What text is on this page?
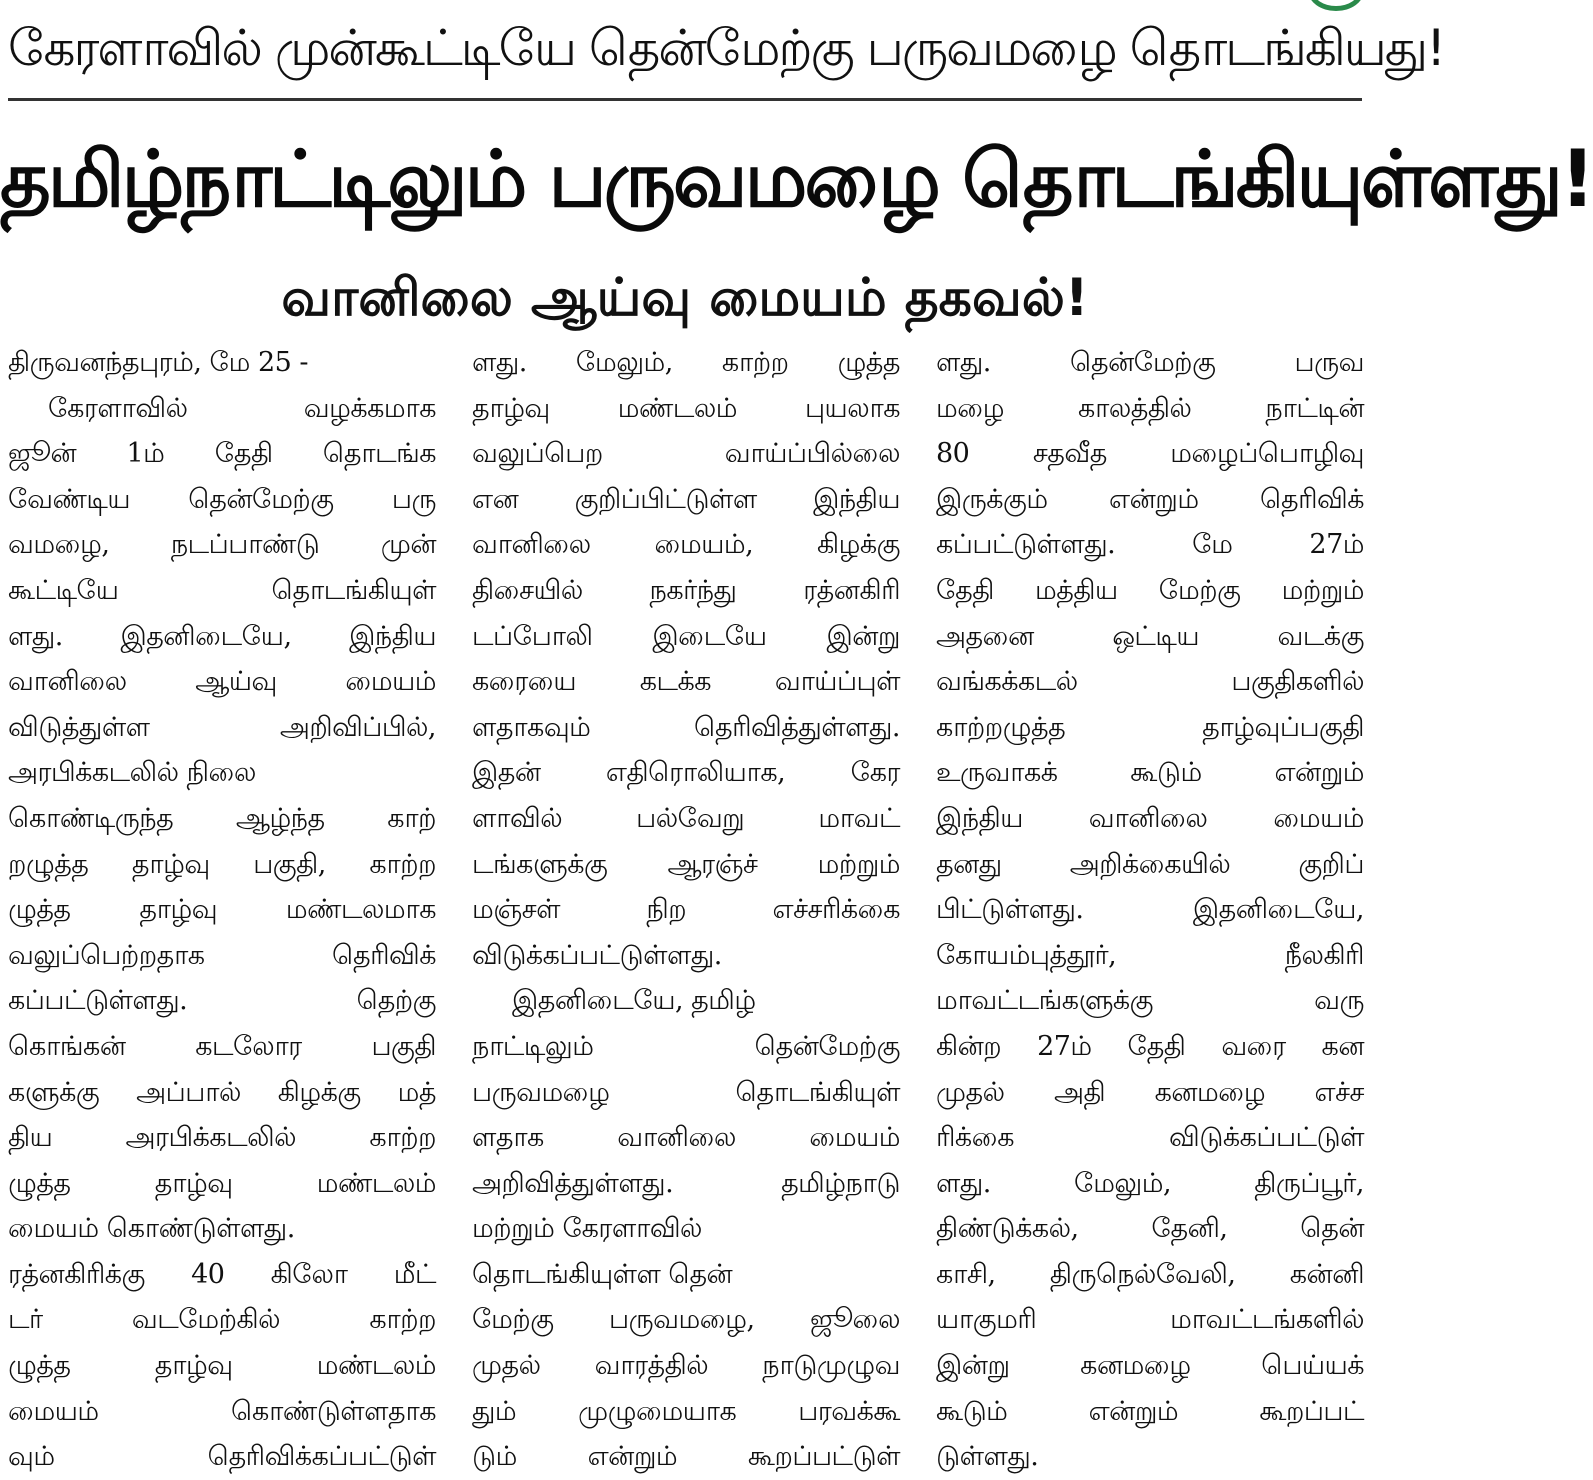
கேரளாவில் முன்கூட்டியே தென்மேற்கு பருவமழை தொடங்கியது!
தமிழ்நாட்டிலும் பருவமழை தொடங்கியுள்ளது!
வானிலை ஆய்வு மையம் தகவல்!
திருவனந்தபுரம், மே 25 -
கேரளாவில் வழக்கமாக
ஜூன் 1ம் தேதி தொடங்க
வேண்டிய தென்மேற்கு பரு
வமழை, நடப்பாண்டு முன்
கூட்டியே தொடங்கியுள்
ளது. இதனிடையே, இந்திய
வானிலை ஆய்வு மையம்
விடுத்துள்ள அறிவிப்பில்,
அரபிக்கடலில் நிலை
கொண்டிருந்த ஆழ்ந்த காற்
றழுத்த தாழ்வு பகுதி, காற்ற
ழுத்த தாழ்வு மண்டலமாக
வலுப்பெற்றதாக தெரிவிக்
கப்பட்டுள்ளது. தெற்கு
கொங்கன் கடலோர பகுதி
களுக்கு அப்பால் கிழக்கு மத்
திய அரபிக்கடலில் காற்ற
ழுத்த தாழ்வு மண்டலம்
மையம் கொண்டுள்ளது.
ரத்னகிரிக்கு 40 கிலோ மீட்
டர் வடமேற்கில் காற்ற
ழுத்த தாழ்வு மண்டலம்
மையம் கொண்டுள்ளதாக
வும் தெரிவிக்கப்பட்டுள்
ளது. மேலும், காற்ற ழுத்த
தாழ்வு மண்டலம் புயலாக
வலுப்பெற வாய்ப்பில்லை
என குறிப்பிட்டுள்ள இந்திய
வானிலை மையம், கிழக்கு
திசையில் நகர்ந்து ரத்னகிரி
டப்போலி இடையே இன்று
கரையை கடக்க வாய்ப்புள்
ளதாகவும் தெரிவித்துள்ளது.
இதன் எதிரொலியாக, கேர
ளாவில் பல்வேறு மாவட்
டங்களுக்கு ஆரஞ்ச் மற்றும்
மஞ்சள் நிற எச்சரிக்கை
விடுக்கப்பட்டுள்ளது.
இதனிடையே, தமிழ்
நாட்டிலும் தென்மேற்கு
பருவமழை தொடங்கியுள்
ளதாக வானிலை மையம்
அறிவித்துள்ளது. தமிழ்நாடு
மற்றும் கேரளாவில்
தொடங்கியுள்ள தென்
மேற்கு பருவமழை, ஜூலை
முதல் வாரத்தில் நாடுமுழுவ
தும் முழுமையாக பரவக்கூ
டும் என்றும் கூறப்பட்டுள்
ளது. தென்மேற்கு பருவ
மழை காலத்தில் நாட்டின்
80 சதவீத மழைப்பொழிவு
இருக்கும் என்றும் தெரிவிக்
கப்பட்டுள்ளது. மே 27ம்
தேதி மத்திய மேற்கு மற்றும்
அதனை ஒட்டிய வடக்கு
வங்கக்கடல் பகுதிகளில்
காற்றழுத்த தாழ்வுப்பகுதி
உருவாகக் கூடும் என்றும்
இந்திய வானிலை மையம்
தனது அறிக்கையில் குறிப்
பிட்டுள்ளது. இதனிடையே,
கோயம்புத்தூர், நீலகிரி
மாவட்டங்களுக்கு வரு
கின்ற 27ம் தேதி வரை கன
முதல் அதி கனமழை எச்ச
ரிக்கை விடுக்கப்பட்டுள்
ளது. மேலும், திருப்பூர்,
திண்டுக்கல், தேனி, தென்
காசி, திருநெல்வேலி, கன்னி
யாகுமரி மாவட்டங்களில்
இன்று கனமழை பெய்யக்
கூடும் என்றும் கூறப்பட்
டுள்ளது.
